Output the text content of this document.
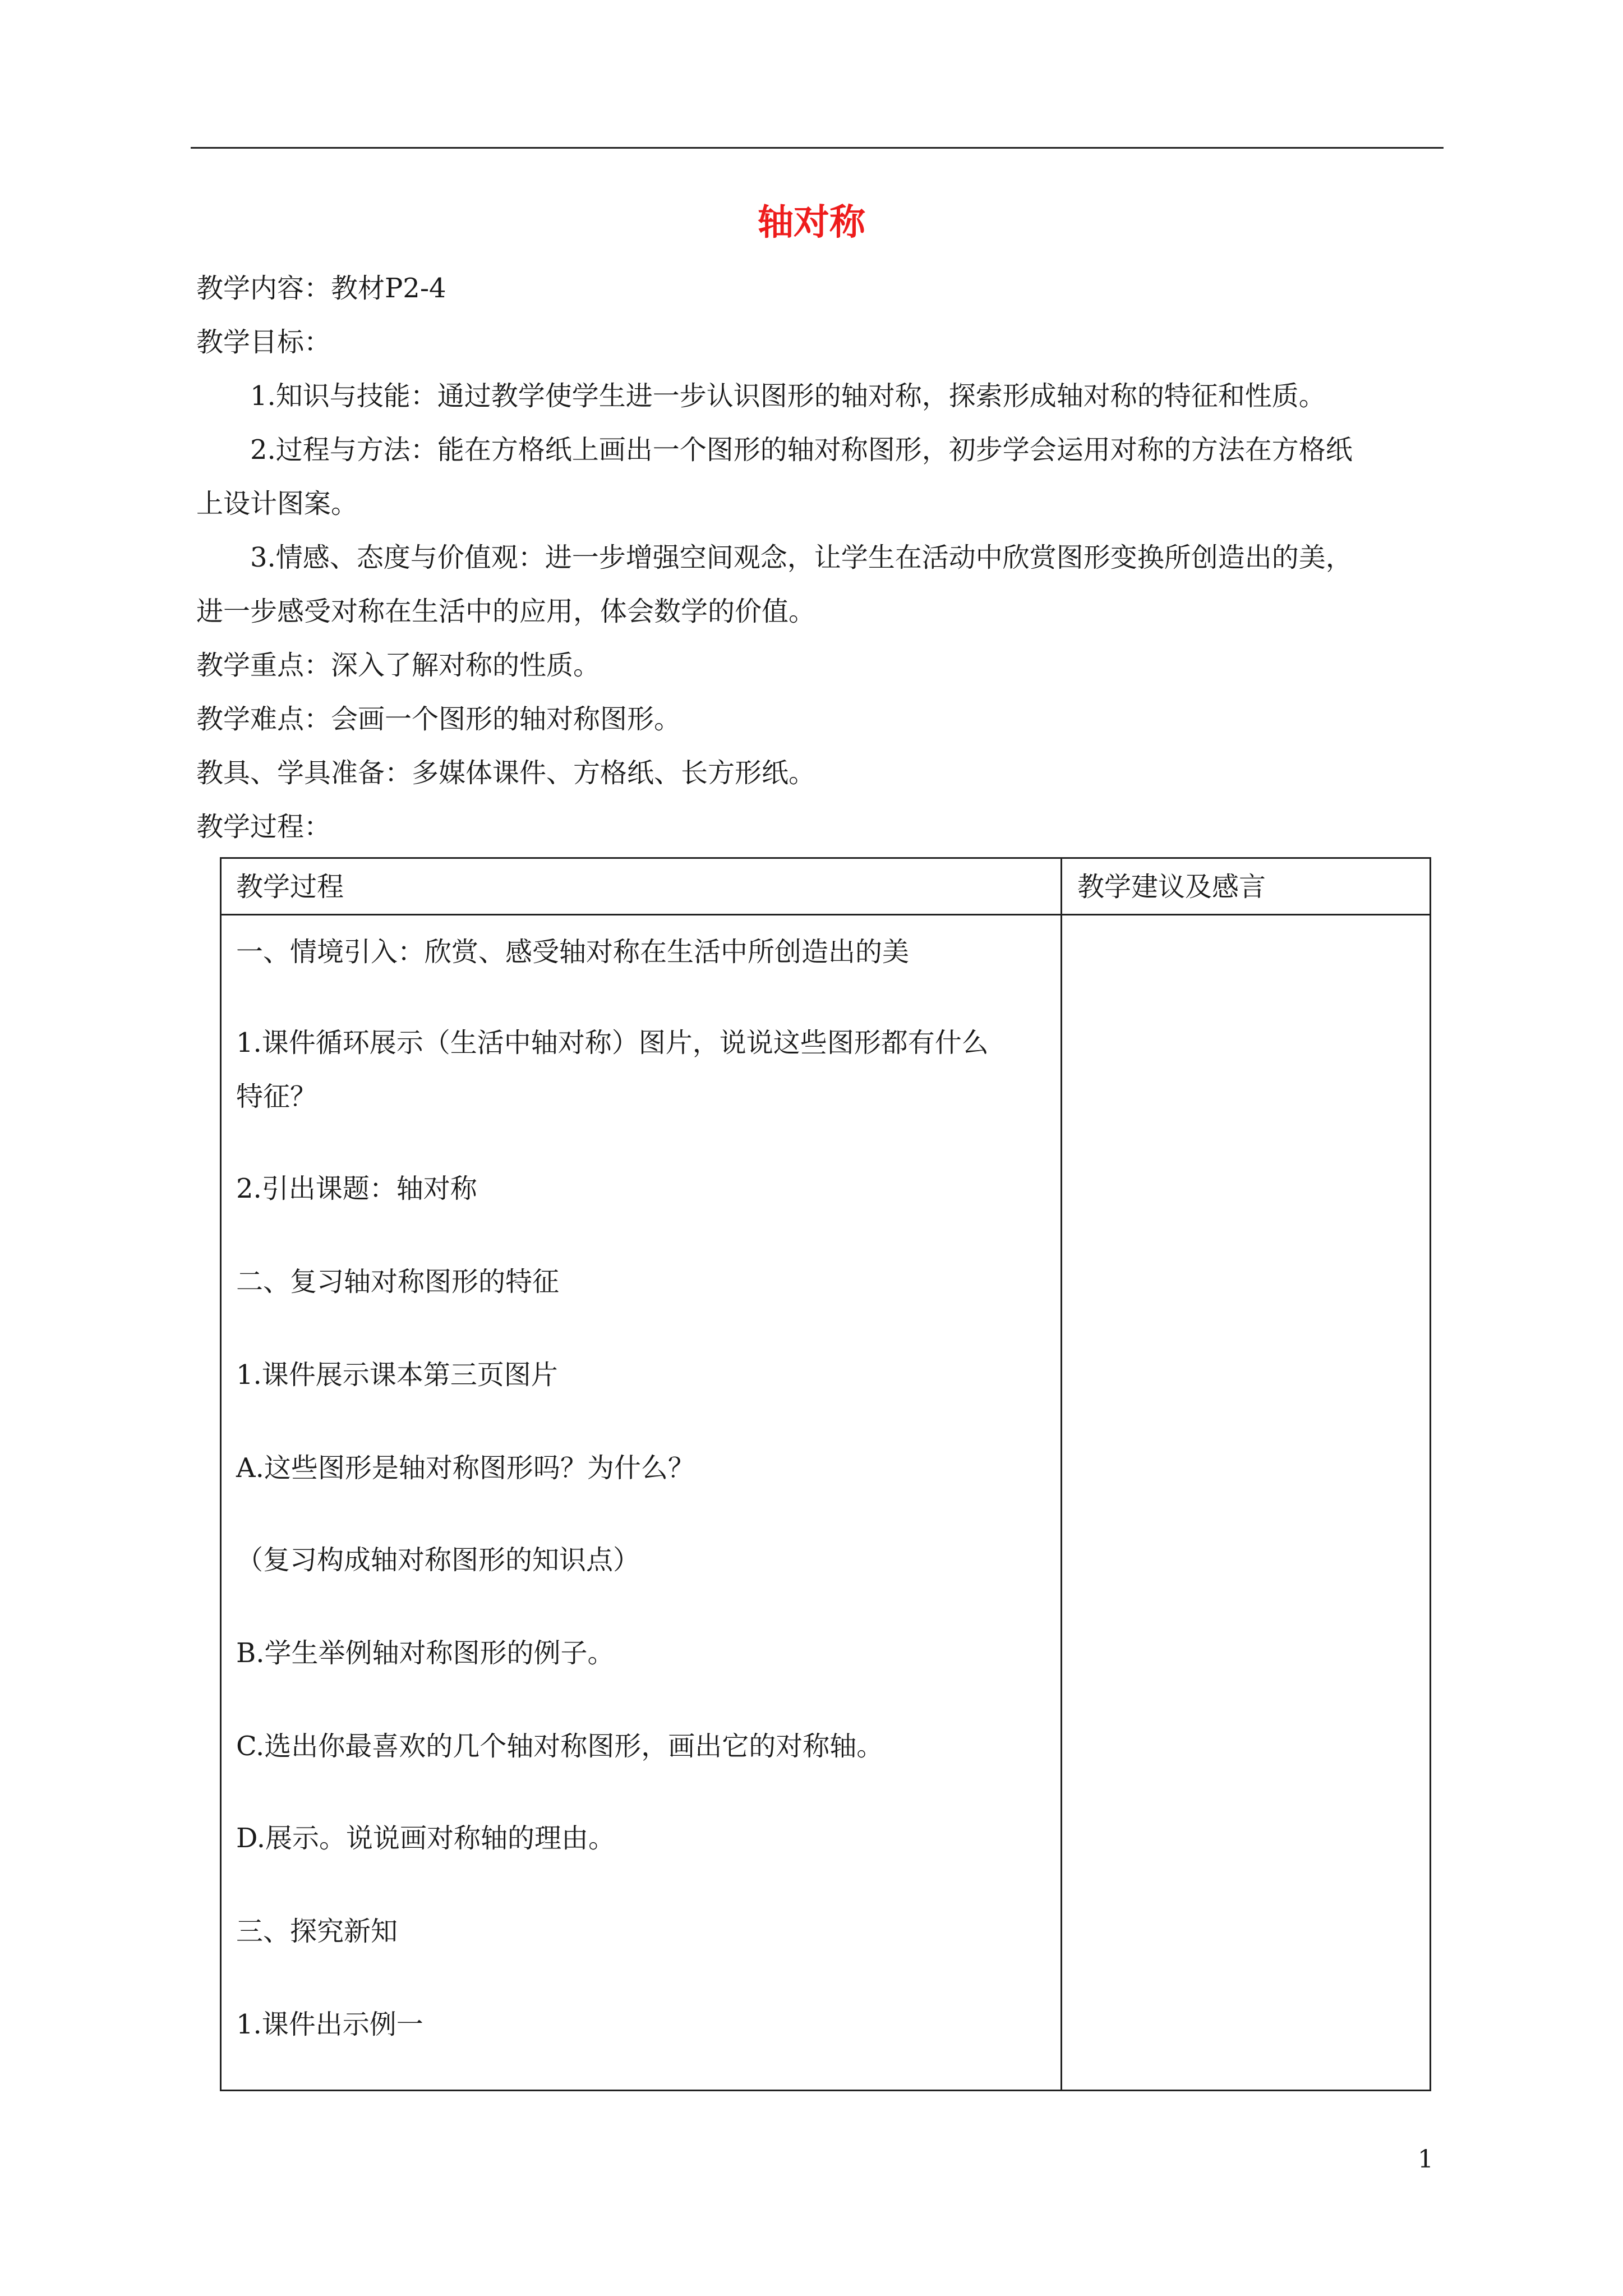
轴对称
教学内容：教材P2-4
教学目标：
1.知识与技能：通过教学使学生进一步认识图形的轴对称，探索形成轴对称的特征和性质。
2.过程与方法：能在方格纸上画出一个图形的轴对称图形，初步学会运用对称的方法在方格纸
上设计图案。
3.情感、态度与价值观：进一步增强空间观念，让学生在活动中欣赏图形变换所创造出的美，
进一步感受对称在生活中的应用，体会数学的价值。
教学重点：深入了解对称的性质。
教学难点：会画一个图形的轴对称图形。
教具、学具准备：多媒体课件、方格纸、长方形纸。
教学过程：
教学过程	教学建议及感言
一、情境引入：欣赏、感受轴对称在生活中所创造出的美
1.课件循环展示（生活中轴对称）图片，说说这些图形都有什么
特征？
2.引出课题：轴对称
二、复习轴对称图形的特征
1.课件展示课本第三页图片
A.这些图形是轴对称图形吗？为什么？
（复习构成轴对称图形的知识点）
B.学生举例轴对称图形的例子。
C.选出你最喜欢的几个轴对称图形，画出它的对称轴。
D.展示。说说画对称轴的理由。
三、探究新知
1.课件出示例一
1
